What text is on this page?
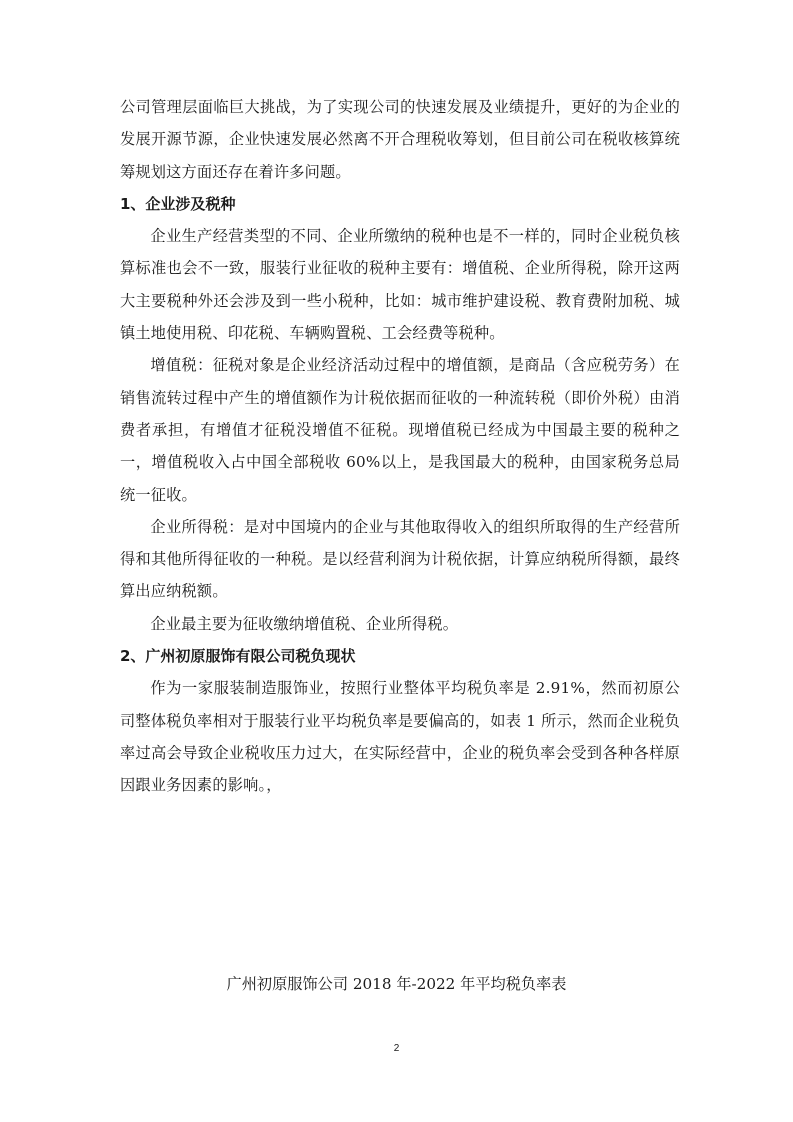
公司管理层面临巨大挑战，为了实现公司的快速发展及业绩提升，更好的为企业的发展开源节源，企业快速发展必然离不开合理税收筹划，但目前公司在税收核算统筹规划这方面还存在着许多问题。

1、企业涉及税种

企业生产经营类型的不同、企业所缴纳的税种也是不一样的，同时企业税负核算标准也会不一致，服装行业征收的税种主要有：增值税、企业所得税，除开这两大主要税种外还会涉及到一些小税种，比如：城市维护建设税、教育费附加税、城镇土地使用税、印花税、车辆购置税、工会经费等税种。

增值税：征税对象是企业经济活动过程中的增值额，是商品（含应税劳务）在销售流转过程中产生的增值额作为计税依据而征收的一种流转税（即价外税）由消费者承担，有增值才征税没增值不征税。现增值税已经成为中国最主要的税种之一，增值税收入占中国全部税收 60%以上，是我国最大的税种，由国家税务总局统一征收。

企业所得税：是对中国境内的企业与其他取得收入的组织所取得的生产经营所得和其他所得征收的一种税。是以经营利润为计税依据，计算应纳税所得额，最终算出应纳税额。

企业最主要为征收缴纳增值税、企业所得税。

2、广州初原服饰有限公司税负现状

作为一家服装制造服饰业，按照行业整体平均税负率是 2.91%，然而初原公司整体税负率相对于服装行业平均税负率是要偏高的，如表 1 所示，然而企业税负率过高会导致企业税收压力过大，在实际经营中，企业的税负率会受到各种各样原因跟业务因素的影响。，

广州初原服饰公司 2018 年-2022 年平均税负率表

2
